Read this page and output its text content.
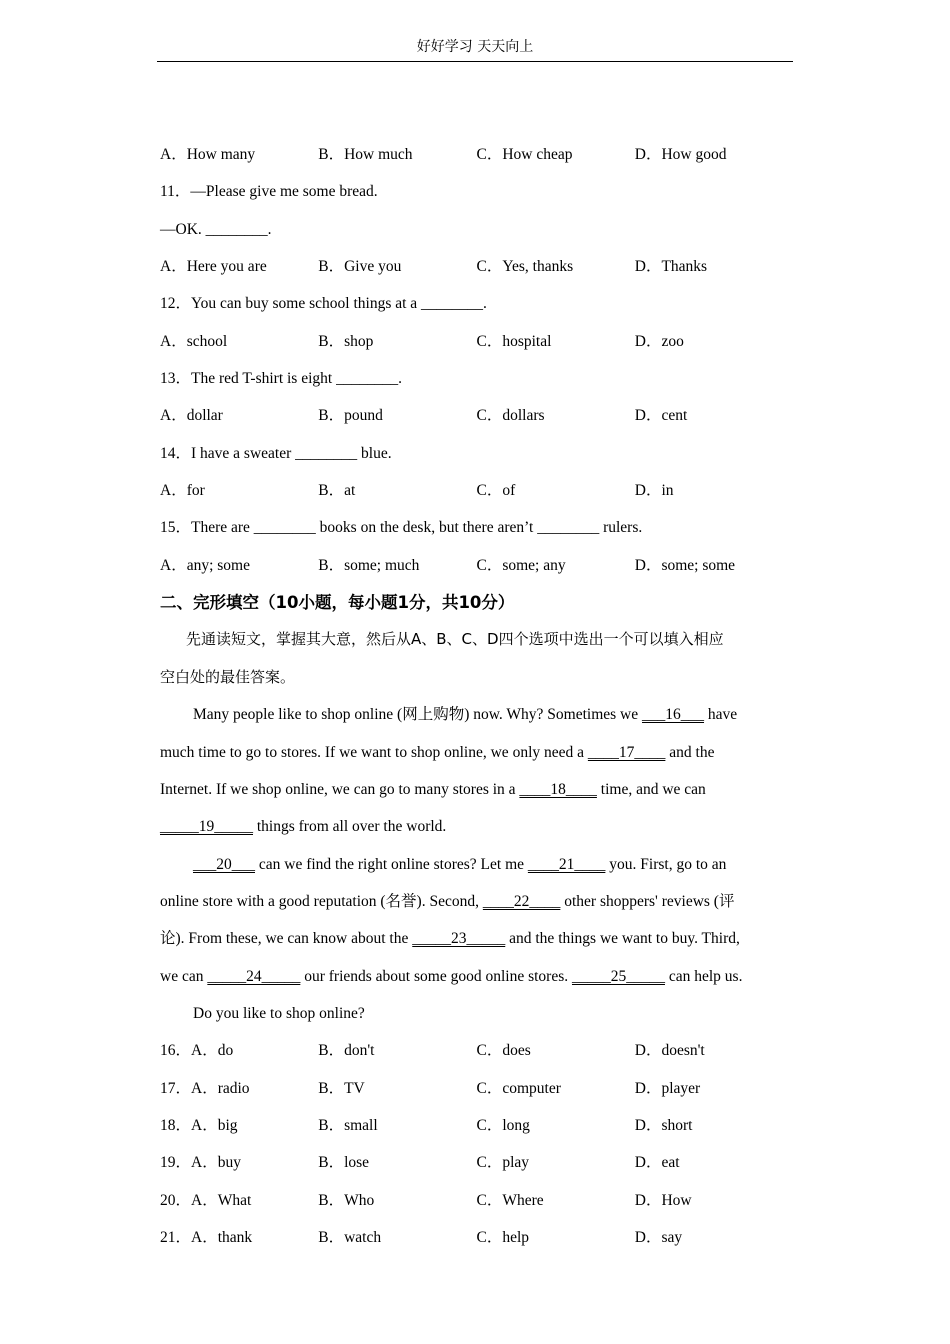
好好学习 天天向上
A．How many	B．How much	C．How cheap	D．How good
11．—Please give me some bread.
—OK. ________.
A．Here you are	B．Give you	C．Yes, thanks	D．Thanks
12．You can buy some school things at a ________.
A．school	B．shop	C．hospital	D．zoo
13．The red T-shirt is eight ________.
A．dollar	B．pound	C．dollars	D．cent
14．I have a sweater ________ blue.
A．for	B．at	C．of	D．in
15．There are ________ books on the desk, but there aren’t ________ rulers.
A．any; some	B．some; much	C．some; any	D．some; some
二、完形填空（10小题，每小题1分，共10分）
先通读短文，掌握其大意，然后从A、B、C、D四个选项中选出一个可以填入相应
空白处的最佳答案。
Many people like to shop online (网上购物) now. Why? Sometimes we ___16___ have
much time to go to stores. If we want to shop online, we only need a ____17____ and the
Internet. If we shop online, we can go to many stores in a ____18____ time, and we can
_____19_____ things from all over the world.
___20___ can we find the right online stores? Let me ____21____ you. First, go to an
online store with a good reputation (名誉). Second, ____22____ other shoppers' reviews (评
论). From these, we can know about the _____23_____ and the things we want to buy. Third,
we can _____24_____ our friends about some good online stores. _____25_____ can help us.
Do you like to shop online?
16．A．do	B．don't	C．does	D．doesn't
17．A．radio	B．TV	C．computer	D．player
18．A．big	B．small	C．long	D．short
19．A．buy	B．lose	C．play	D．eat
20．A．What	B．Who	C．Where	D．How
21．A．thank	B．watch	C．help	D．say
